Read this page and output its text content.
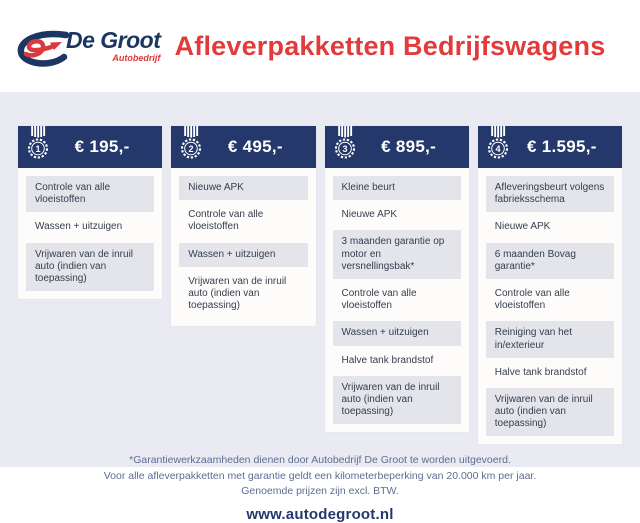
De Groot
Autobedrijf Afleverpakketten Bedrijfswagens
1	€ 195,-
Controle van alle vloeistoffen
Wassen + uitzuigen
Vrijwaren van de inruil auto (indien van toepassing)
2	€ 495,-
Nieuwe APK
Controle van alle vloeistoffen
Wassen + uitzuigen
Vrijwaren van de inruil auto (indien van toepassing)
3	€ 895,-
Kleine beurt
Nieuwe APK
3 maanden garantie op motor en versnellingsbak*
Controle van alle vloeistoffen
Wassen + uitzuigen
Halve tank brandstof
Vrijwaren van de inruil auto (indien van toepassing)
4	€ 1.595,-
Afleveringsbeurt volgens fabrieksschema
Nieuwe APK
6 maanden Bovag garantie*
Controle van alle vloeistoffen
Reiniging van het in/exterieur
Halve tank brandstof
Vrijwaren van de inruil auto (indien van toepassing)
*Garantiewerkzaamheden dienen door Autobedrijf De Groot te worden uitgevoerd.
Voor alle afleverpakketten met garantie geldt een kilometerbeperking van 20.000 km per jaar.
Genoemde prijzen zijn excl. BTW.
www.autodegroot.nl
